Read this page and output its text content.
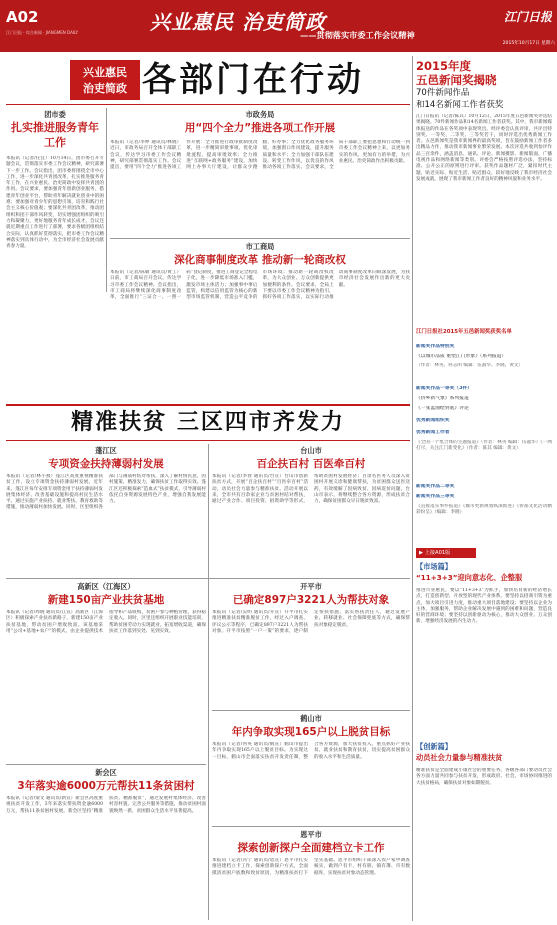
A02
江门日报 · 综合新闻 · JIANGMEN DAILY	兴业惠民 治吏简政
——贯彻落实市委工作会议精神
江门日报
2015年10月17日 星期六
兴业惠民
治吏简政 各部门在行动
团市委
扎实推进服务青年工作
本报讯（记者/任宜）10月14日，团市委召开专题会议，贯彻落实市委工作会议精神，研究部署下一步工作。会议指出，团市委将围绕全市中心工作，进一步深化共青团改革，扎实推进服务青年工作，在兴业惠民、治吏简政中发挥共青团的作用。会议要求，要加强青年创新创业服务，搭建青年创业平台，帮助青年解决就业创业中的困难；要加强对青少年的思想引领，培育和践行社会主义核心价值观；要深化共青团改革，推动团组织和团干部作风转变，切实增强团组织的吸引力和凝聚力，更好地服务青年成长成才。会议还就近期重点工作进行了部署，要求各级团组织结合实际，认真抓好贯彻落实，把市委工作会议精神落实到具体行动中，为全市经济社会发展贡献青春力量。
市政务局
用“四个全力”推进各项工作开展
本报讯（记者/李婷 通讯员/林晓）近日，市政务局召开全体干部职工会议，传达学习市委工作会议精神，研究部署贯彻落实工作。会议提出，要用“四个全力”推进各项工作开展：全力推进行政审批制度改革，进一步精简审批事项、优化审批流程，提高审批效率；全力推进“互联网+政务服务”建设，加快网上办事大厅建设，让群众少跑腿、好办事；全力优化政务服务环境，加强窗口作风建设，提升服务质量和水平；全力加强干部队伍建设，转变工作作风，以优良的作风推动各项工作落实。会议要求，全局干部职工要把思想和行动统一到市委工作会议精神上来，以更加务实的作风、更加有力的举措，为兴业惠民、治吏简政作出积极贡献。
市工商局
深化商事制度改革 推动新一轮商改权
本报讯（记者/陈敏 通讯员/黄工）日前，市工商局召开会议，传达学习市委工作会议精神。会议指出，市工商局将继续深化商事制度改革，全面推行“三证合一、一照一码”登记制度，推进工商登记全程电子化，进一步降低市场准入门槛，激发市场主体活力；加强事中事后监管，构建以信用监管为核心的新型市场监管机制，营造公平竞争的市场环境；推动新一轮商改权改革，为大众创业、万众创新提供更加便利的条件。会议要求，全局上下要以市委工作会议精神为指引，抓好各项工作落实，以实际行动推动商事制度改革向纵深发展，为我市经济社会发展作出新的更大贡献。
2015年度
五邑新闻奖揭晓
70件新闻作品
和14名新闻工作者获奖
江门日报讯（记者/陈其）10月12日，2015年度五邑新闻奖评选结果揭晓。70件新闻作品和14名新闻工作者获奖。其中，我市新闻媒体报送的作品在各奖项中表现突出。经评委会认真评审，共评出特别奖、一等奖、二等奖、三等奖若干，同时评选出优秀新闻工作者。五邑新闻奖是我市新闻界的最高奖项，旨在鼓励新闻工作者多出精品力作，推动我市新闻事业繁荣发展。本次评选共收到参评作品三百余件，涵盖消息、通讯、评论、新闻摄影、新闻版面、广播电视作品和网络新闻等类别。评委会严格按照评选办法，坚持标准、公开公正的原则进行评审。获奖作品题材广泛，紧扣时代主题，贴近实际、贴近生活、贴近群众，较好地反映了我市经济社会发展成就，展现了我市新闻工作者良好的精神风貌和业务水平。
江门日报社2015年五邑新闻奖获奖名单
新闻奖作品特别奖
《以城市品质 重塑江门形象》（系列报道）
（作者：林英、何志明 编辑：伍淑华、李晓、黄文）
新闻奖作品一等奖（3件）
《侨乡新气象》系列报道
《一张蓝图绘到底》评论
优秀新闻组织奖
优秀新闻工作者
《全国一个集合体的主题报道》（作者：林英 编辑：伍淑华）《一网打尽，关注江门新变化》（作者：陈其 编辑：黄文）
新闻奖作品二等奖
新闻奖作品三等奖
《直接落实事件报道》《城市更新规划纵深推进》《侨都文化活动精彩纷呈》（编辑：李晓）
▶ 上接A01版
【市场篇】
“11+3+3”迎向意志化、企整服
推进兴业惠民，要以“11+3+3”为抓手，加快培育新的经济增长点，打造创新型、开放型的现代产业体系。要坚持以招商引资为重点，加大项目引进力度，推动重大项目落地建设；要坚持以企业为主体，加强服务，帮助企业解决发展中遇到的困难和问题，营造良好的营商环境；要坚持以创新驱动为核心，推动大众创业、万众创新，增强经济发展的内生动力。
【创新篇】
动员社会力量参与精准扶贫
精准扶贫是全面建成小康社会的重要任务。各级各部门要动员社会各方面力量共同参与扶贫开发，形成政府、社会、市场协同推进的大扶贫格局，确保扶贫对象如期脱贫。
精准扶贫 三区四市齐发力
蓬江区
专项资金扶持薄弱村发展
本报讯（记者/林小燕）蓬江区高度重视精准扶贫工作，设立专项资金扶持薄弱村发展。近年来，蓬江区每年安排专项资金用于扶持薄弱村发展集体经济、改善基础设施和提高村民生活水平。通过实施产业扶持、就业帮扶、教育救助等措施，推动薄弱村加快发展。同时，区里组织各部门与薄弱村结对帮扶，深入了解村情民意，因村施策，精准发力，确保扶贫工作取得实效。蓬江区还积极探索“造血式”扶贫模式，引导薄弱村依托自身资源发展特色产业，增强自我发展能力。
台山市
百企扶百村 百医牵百村
本报讯（记者/李春 通讯员/台宣）台山市创新扶贫方式，开展“百企扶百村”“百医牵百村”活动，动员社会力量参与精准扶贫。活动开展以来，全市共有百余家企业与贫困村结对帮扶，通过产业合作、项目投资、捐资助学等形式，帮助贫困村发展经济；百余名医务人员深入贫困村开展义诊和健康帮扶，为贫困群众送医送药，有效缓解了因病致贫、因病返贫问题。台山市表示，将继续整合各方资源，形成扶贫合力，确保贫困群众早日脱贫致富。
高新区（江海区）
新建150亩产业扶贫基地
本报讯（记者/周晓 通讯员/江宣）高新区（江海区）积极探索产业扶贫新路子，新建150亩产业扶贫基地，带动贫困户增收致富。该基地采用“公司+基地+农户”的模式，由企业提供技术指导和产品收购，贫困户参与种植管理，获得稳定收入。同时，区里还组织开展职业技能培训，帮助贫困劳动力实现就业，拓宽增收渠道，确保扶贫工作落到实处、见到实效。
开平市
已确定897户3221人为帮扶对象
本报讯（记者/吴明 通讯员/开宣）开平市扎实推进精准扶贫精准脱贫工作，经过入户调查、评议公示等程序，已确定897户3221人为帮扶对象。开平市按照“一户一策”的要求，逐户制定帮扶措施，落实帮扶责任人，通过发展产业、转移就业、社会保障兜底等方式，确保帮扶对象稳定脱贫。
鹤山市
年内争取实现165户以上脱贫目标
本报讯（记者/何英 通讯员/鹤宣）鹤山市提出年内争取实现165户以上脱贫目标。为实现这一目标，鹤山市全面落实扶贫开发责任制，整合各方资源，加大扶贫投入，重点抓好产业扶贫、就业扶贫和教育扶贫，切实提高贫困群众的收入水平和生活质量。
新会区
3年落实逾6000万元帮扶11条贫困村
本报讯（记者/梁文 通讯员/新宣）新会区高度重视扶贫开发工作，3年来落实帮扶资金逾6000万元，帮扶11条贫困村发展。新会区坚持“精准扶贫、精准脱贫”，通过发展村集体经济、改善村容村貌、完善公共服务等措施，推动贫困村面貌焕然一新，贫困群众生活水平显著提高。
恩平市
探索创新探户全面建档立卡工作
本报讯（记者/冯宁 通讯员/恩宣）恩平市扎实推进建档立卡工作，探索创新探户方式，全面摸清贫困户底数和致贫原因，为精准扶贫打下坚实基础。恩平市组织干部深入农户家中调查核实，做到户有卡、村有册、镇有簿、市有数据库，实现扶贫对象动态管理。
